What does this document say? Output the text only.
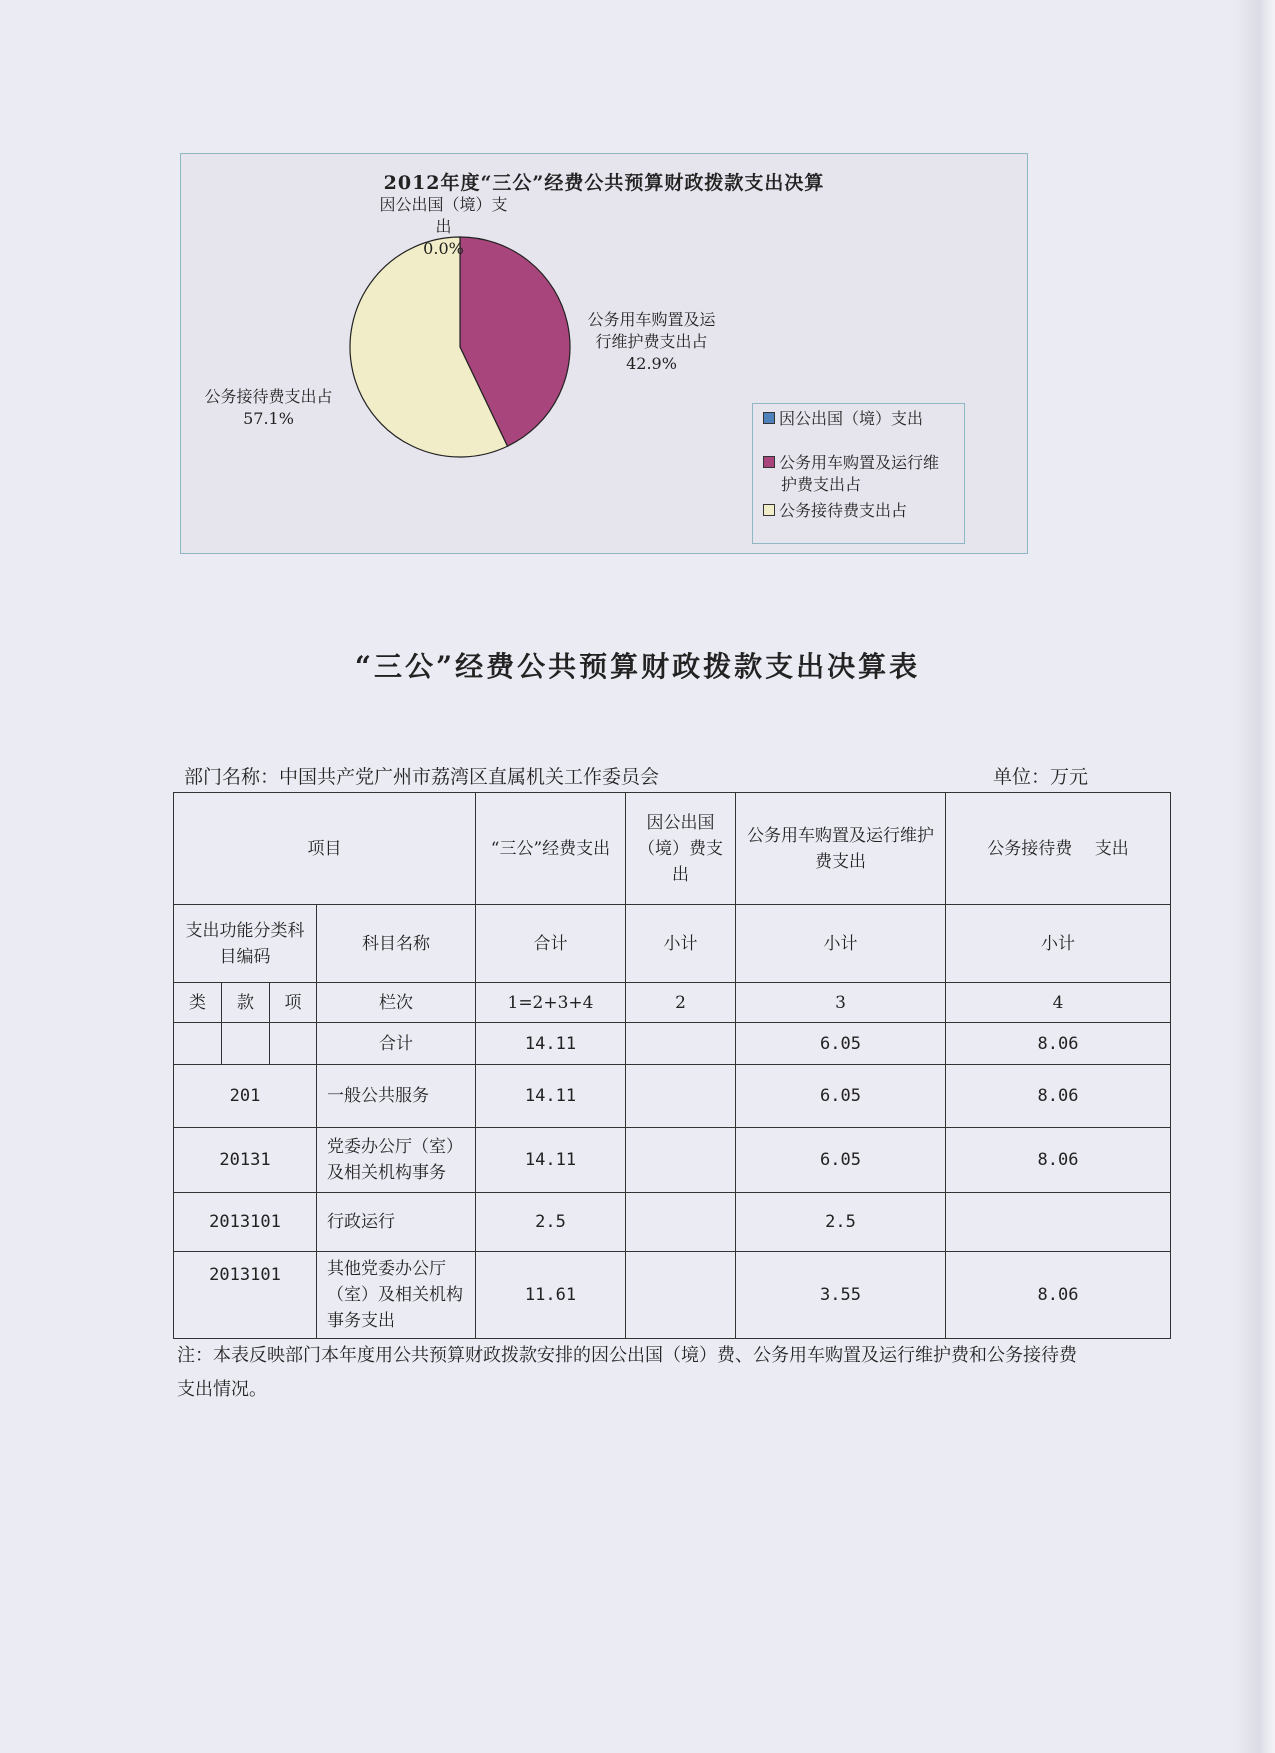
2012年度“三公”经费公共预算财政拨款支出决算
因公出国（境）支
出
0.0%
公务用车购置及运
行维护费支出占
42.9%
公务接待费支出占
57.1%	因公出国（境）支出
公务用车购置及运行维
护费支出占
公务接待费支出占
“三公”经费公共预算财政拨款支出决算表
部门名称：中国共产党广州市荔湾区直属机关工作委员会	单位：万元
项目				“三公”经费支出	因公出国（境）费支出	公务用车购置及运行维护费支出	公务接待费　 支出
支出功能分类科目编码			科目名称	合计	小计	小计	小计
类	款	项	栏次	1=2+3+4	2	3	4
			合计	14.11		6.05	8.06
201			一般公共服务	14.11		6.05	8.06
20131			党委办公厅（室）及相关机构事务	14.11		6.05	8.06
2013101			行政运行	2.5		2.5	
2013101			其他党委办公厅（室）及相关机构事务支出	11.61		3.55	8.06
注：本表反映部门本年度用公共预算财政拨款安排的因公出国（境）费、公务用车购置及运行维护费和公务接待费支出情况。
